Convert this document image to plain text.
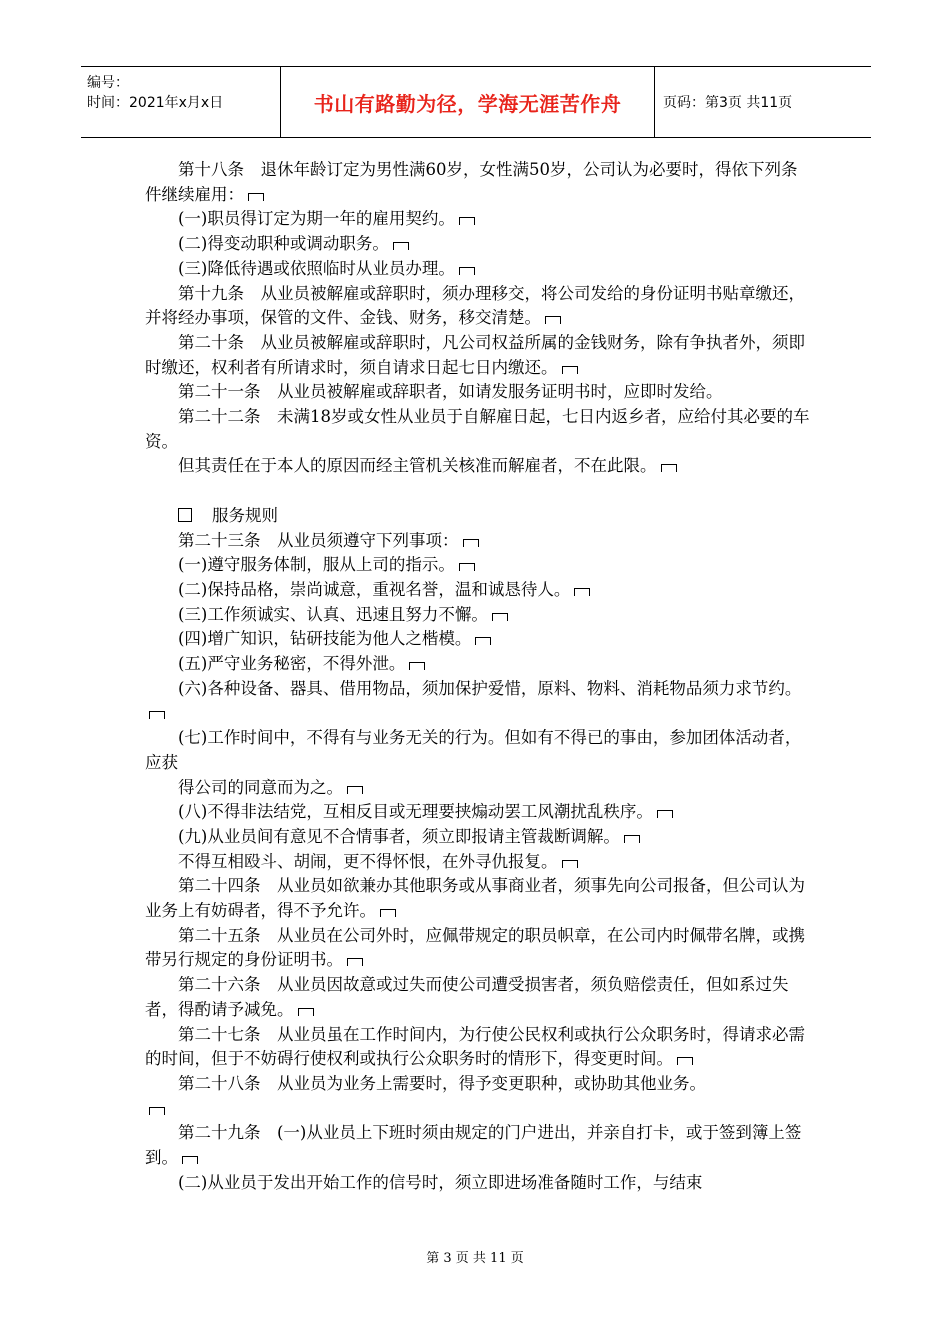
编号：
时间：2021年x月x日	书山有路勤为径，学海无涯苦作舟	页码：第3页 共11页
第十八条　退休年龄订定为男性满60岁，女性满50岁，公司认为必要时，得依下列条件继续雇用：
(一)职员得订定为期一年的雇用契约。
(二)得变动职种或调动职务。
(三)降低待遇或依照临时从业员办理。
第十九条　从业员被解雇或辞职时，须办理移交，将公司发给的身份证明书贴章缴还，并将经办事项，保管的文件、金钱、财务，移交清楚。
第二十条　从业员被解雇或辞职时，凡公司权益所属的金钱财务，除有争执者外，须即时缴还，权利者有所请求时，须自请求日起七日内缴还。
第二十一条　从业员被解雇或辞职者，如请发服务证明书时，应即时发给。
第二十二条　未满18岁或女性从业员于自解雇日起，七日内返乡者，应给付其必要的车资。
但其责任在于本人的原因而经主管机关核准而解雇者，不在此限。
服务规则
第二十三条　从业员须遵守下列事项：
(一)遵守服务体制，服从上司的指示。
(二)保持品格，崇尚诚意，重视名誉，温和诚恳待人。
(三)工作须诚实、认真、迅速且努力不懈。
(四)增广知识，钻研技能为他人之楷模。
(五)严守业务秘密，不得外泄。
(六)各种设备、器具、借用物品，须加保护爱惜，原料、物料、消耗物品须力求节约。
(七)工作时间中，不得有与业务无关的行为。但如有不得已的事由，参加团体活动者，应获
得公司的同意而为之。
(八)不得非法结党，互相反目或无理要挟煽动罢工风潮扰乱秩序。
(九)从业员间有意见不合情事者，须立即报请主管裁断调解。
不得互相殴斗、胡闹，更不得怀恨，在外寻仇报复。
第二十四条　从业员如欲兼办其他职务或从事商业者，须事先向公司报备，但公司认为业务上有妨碍者，得不予允许。
第二十五条　从业员在公司外时，应佩带规定的职员帜章，在公司内时佩带名牌，或携带另行规定的身份证明书。
第二十六条　从业员因故意或过失而使公司遭受损害者，须负赔偿责任，但如系过失者，得酌请予减免。
第二十七条　从业员虽在工作时间内，为行使公民权利或执行公众职务时，得请求必需的时间，但于不妨碍行使权利或执行公众职务时的情形下，得变更时间。
第二十八条　从业员为业务上需要时，得予变更职种，或协助其他业务。
第二十九条　(一)从业员上下班时须由规定的门户进出，并亲自打卡，或于签到簿上签到。
(二)从业员于发出开始工作的信号时，须立即进场准备随时工作，与结束
第 3 页 共 11 页
